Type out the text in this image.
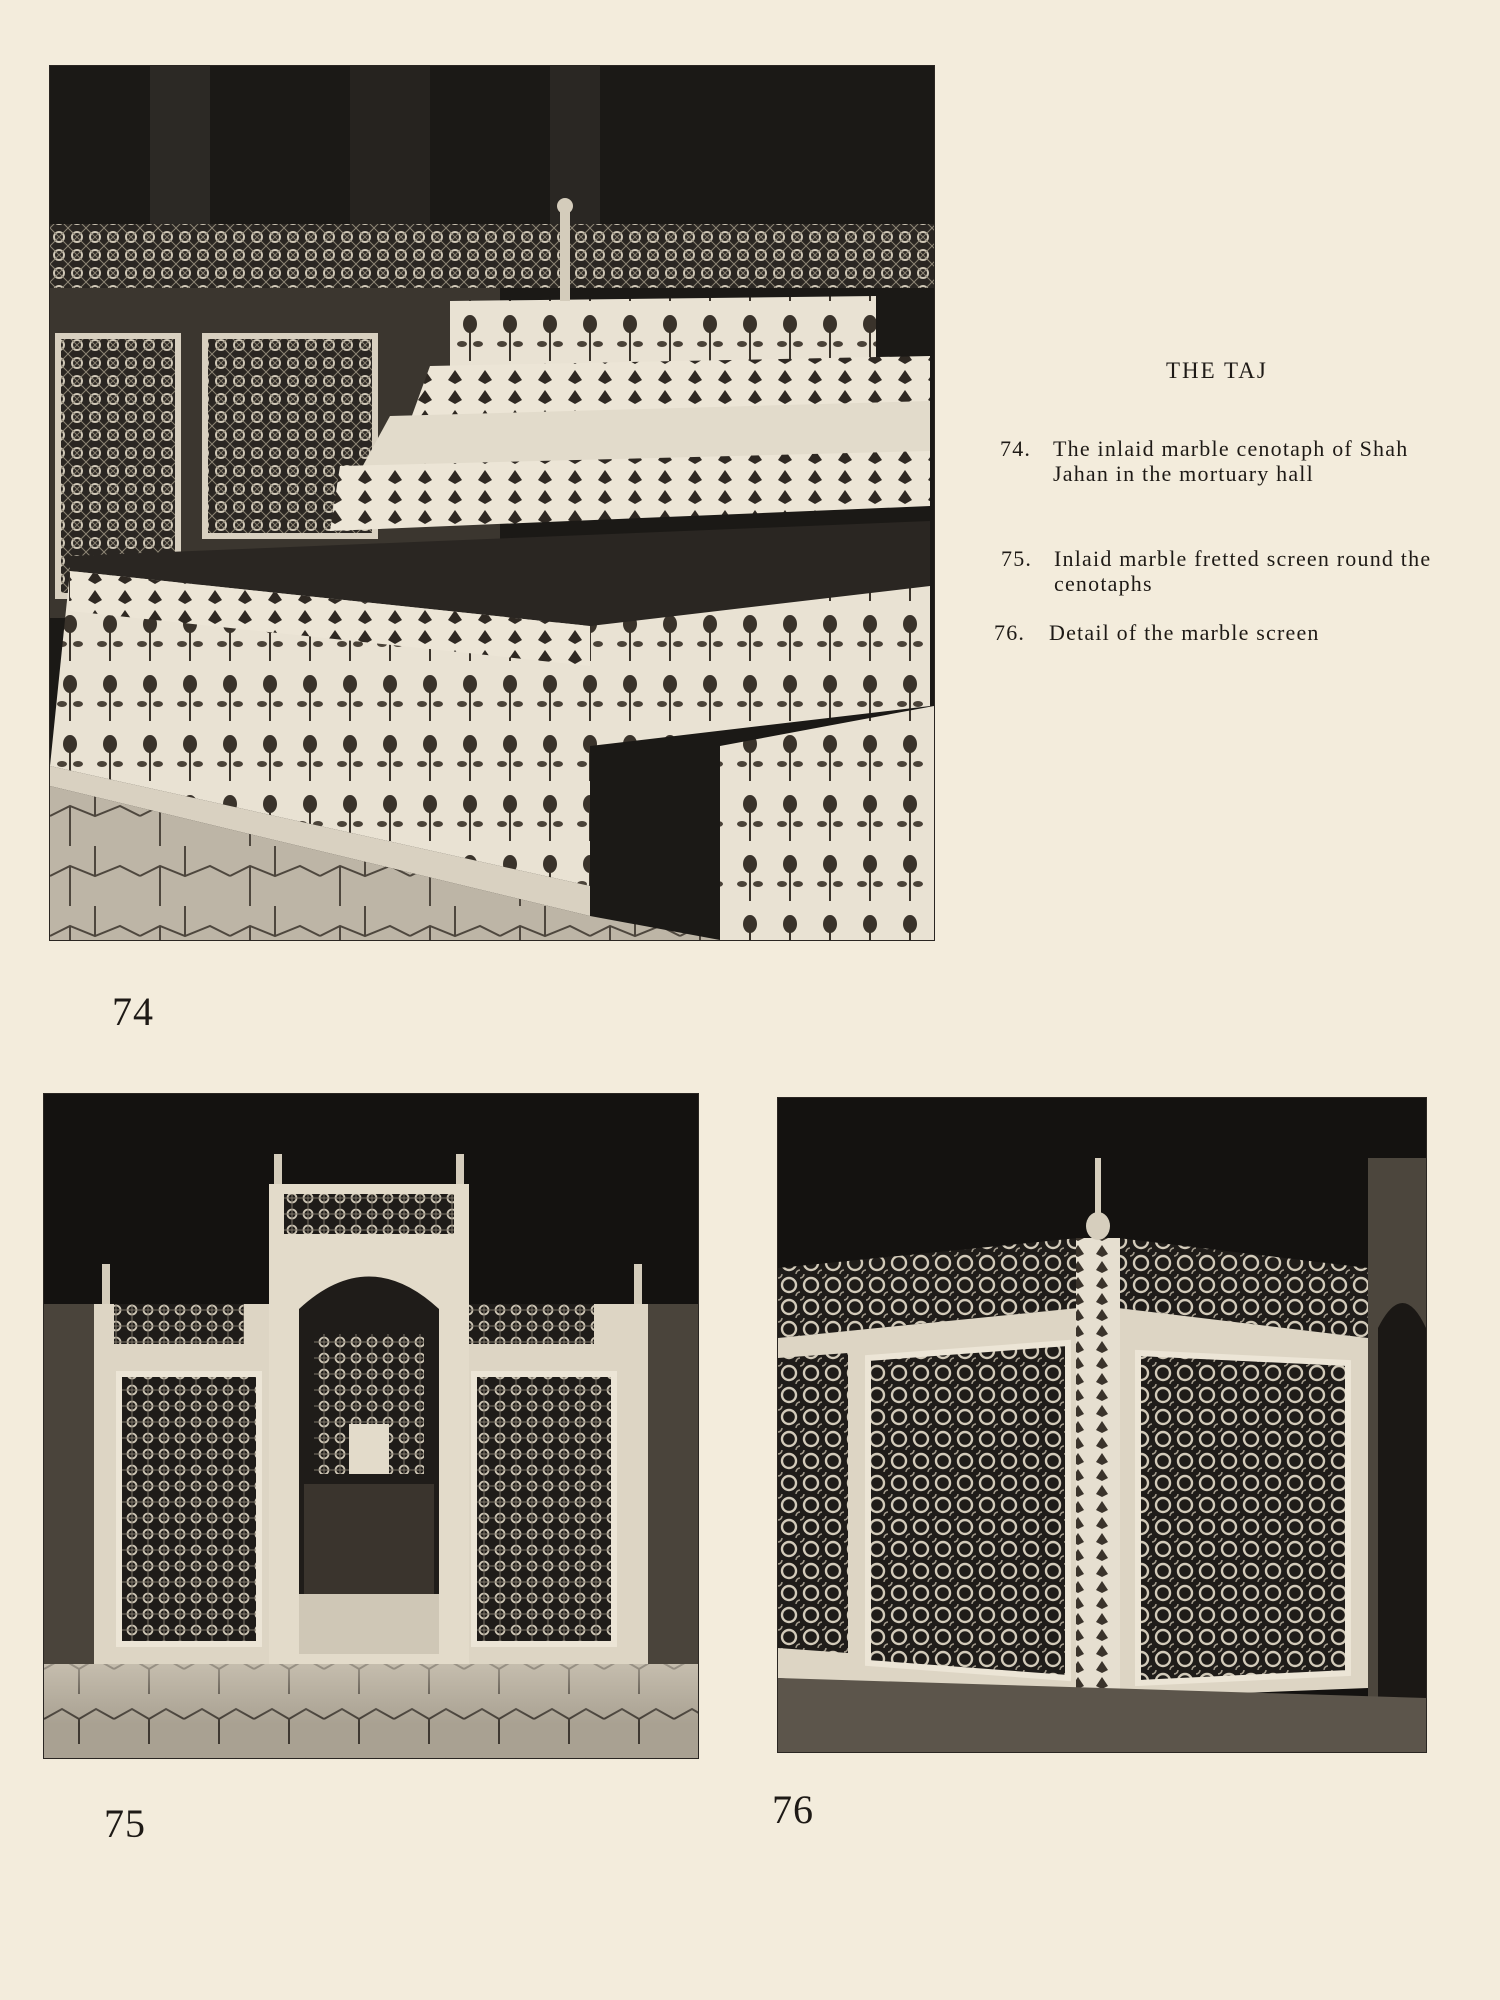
74
THE TAJ
74. The inlaid marble cenotaph of Shah Jahan in the mortuary hall
75. Inlaid marble fretted screen round the cenotaphs
76. Detail of the marble screen
75	76
